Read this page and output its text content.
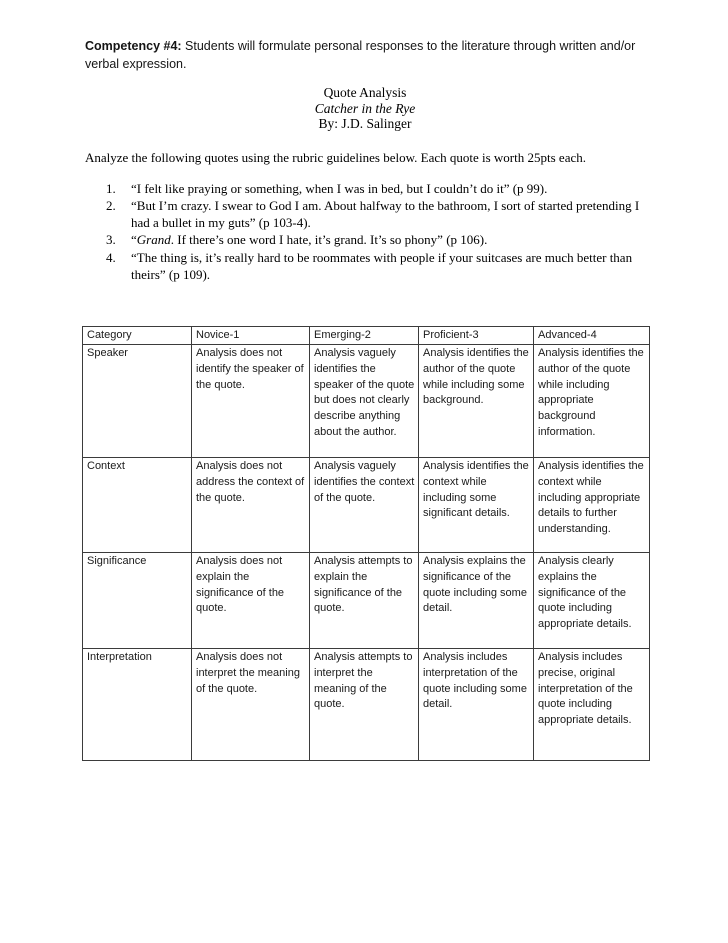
Competency #4: Students will formulate personal responses to the literature through written and/or verbal expression.

Quote Analysis
Catcher in the Rye
By: J.D. Salinger

Analyze the following quotes using the rubric guidelines below. Each quote is worth 25pts each.

1. “I felt like praying or something, when I was in bed, but I couldn’t do it” (p 99).
2. “But I’m crazy. I swear to God I am. About halfway to the bathroom, I sort of started pretending I had a bullet in my guts” (p 103-4).
3. “Grand. If there’s one word I hate, it’s grand. It’s so phony” (p 106).
4. “The thing is, it’s really hard to be roommates with people if your suitcases are much better than theirs” (p 109).
Category	Novice-1	Emerging-2	Proficient-3	Advanced-4
Speaker	Analysis does not identify the speaker of the quote.	Analysis vaguely identifies the speaker of the quote but does not clearly describe anything about the author.	Analysis identifies the author of the quote while including some background.	Analysis identifies the author of the quote while including appropriate background information.
Context	Analysis does not address the context of the quote.	Analysis vaguely identifies the context of the quote.	Analysis identifies the context while including some significant details.	Analysis identifies the context while including appropriate details to further understanding.
Significance	Analysis does not explain the significance of the quote.	Analysis attempts to explain the significance of the quote.	Analysis explains the significance of the quote including some detail.	Analysis clearly explains the significance of the quote including appropriate details.
Interpretation	Analysis does not interpret the meaning of the quote.	Analysis attempts to interpret the meaning of the quote.	Analysis includes interpretation of the quote including some detail.	Analysis includes precise, original interpretation of the quote including appropriate details.
